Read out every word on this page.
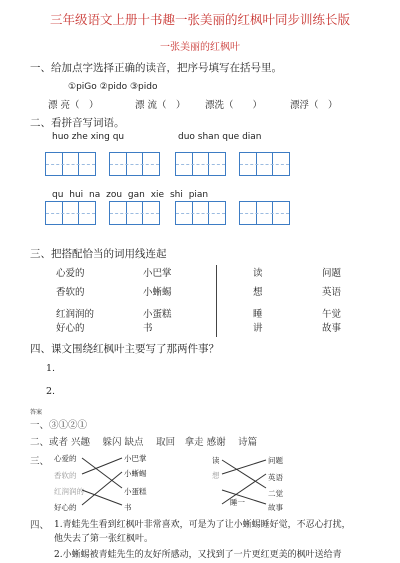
三年级语文上册十书趣一张美丽的红枫叶同步训练长版
一张美丽的红枫叶
一、给加点字选择正确的读音，把序号填写在括号里。
①piGo ②pido ③pido
漂 亮（　）	漂 流（　） 漂洗（　　）	漂浮（　）
二、看拼音写词语。
huo zhe xing qu	duo shan que dian
qu hui na zou gan xie shi pian
三、把搭配恰当的词用线连起
心爱的
香软的
红润润的
好心的
小巴掌
小蜥蜴
小蛋糕
书
读
想
睡
讲
问题
英语
午觉
故事
四、课文围绕红枫叶主要写了那两件事？
1.
2.
答案
一、③①②①
二、或者 兴趣　 躲闪 缺点　 取回　拿走 感谢　 诗篇
三、 心爱的
香软的
红润润的
好心的
小巴掌
小蜥蜴
小蛋糕
书
读
想
睡一
问题
英语
二觉
故事
四、 1.青蛙先生看到红枫叶非常喜欢，可是为了让小蜥蜴睡好觉，不忍心打扰，
他失去了第一张红枫叶。
2.小蜥蜴被青蛙先生的友好所感动，又找到了一片更红更美的枫叶送给青
